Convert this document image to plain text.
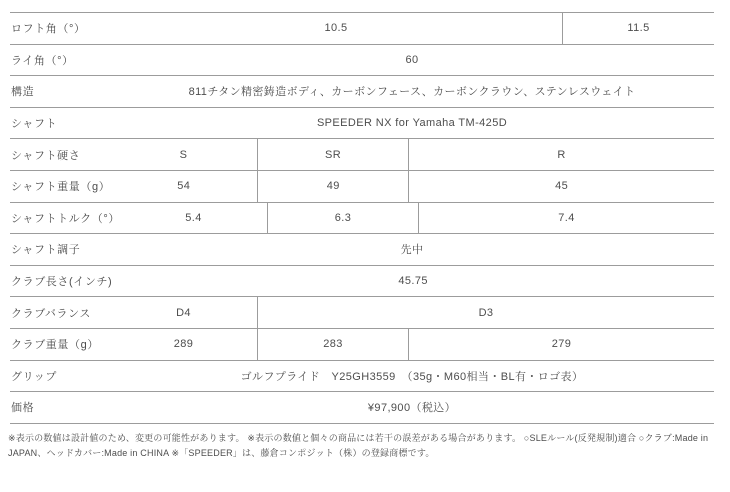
ロフト角（°）	10.5	11.5
ライ角（°）	60
構造	811チタン精密鋳造ボディ、カーボンフェース、カーボンクラウン、ステンレスウェイト
シャフト	SPEEDER NX for Yamaha TM-425D
シャフト硬さ	S	SR	R
シャフト重量（g）	54	49	45
シャフトトルク（°）	5.4	6.3	7.4
シャフト調子	先中
クラブ長さ(インチ)	45.75
クラブバランス	D4	D3
クラブ重量（g）	289	283	279
グリップ	ゴルフプライド　Y25GH3559　（35g・M60相当・BL有・ロゴ表）
価格	¥97,900（税込）
※表示の数値は設計値のため、変更の可能性があります。 ※表示の数値と個々の商品には若干の誤差がある場合があります。 ○SLEルール(反発規制)適合 ○クラブ:Made in JAPAN、ヘッドカバー:Made in CHINA ※「SPEEDER」は、藤倉コンポジット（株）の登録商標です。
